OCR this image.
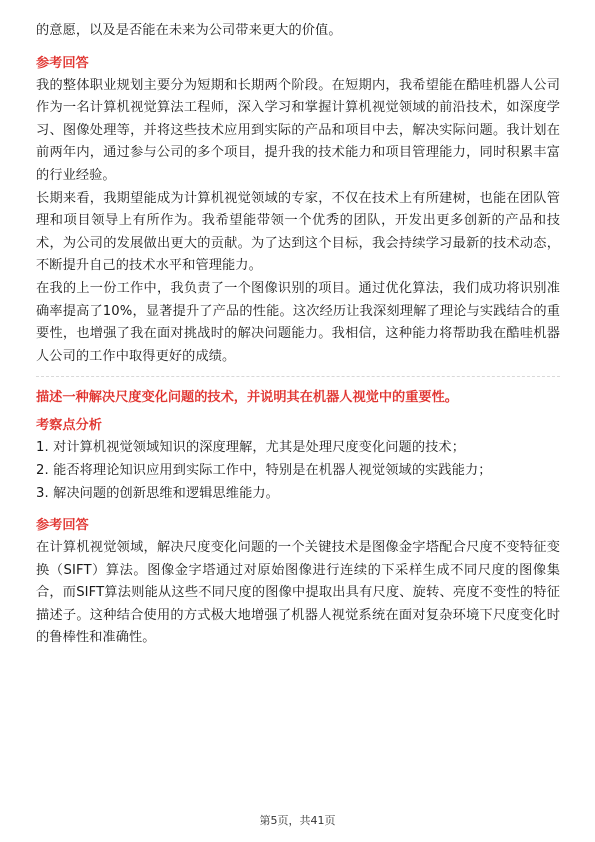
的意愿，以及是否能在未来为公司带来更大的价值。

参考回答

我的整体职业规划主要分为短期和长期两个阶段。在短期内，我希望能在酷哇机器人公司作为一名计算机视觉算法工程师，深入学习和掌握计算机视觉领域的前沿技术，如深度学习、图像处理等，并将这些技术应用到实际的产品和项目中去，解决实际问题。我计划在前两年内，通过参与公司的多个项目，提升我的技术能力和项目管理能力，同时积累丰富的行业经验。

长期来看，我期望能成为计算机视觉领域的专家，不仅在技术上有所建树，也能在团队管理和项目领导上有所作为。我希望能带领一个优秀的团队，开发出更多创新的产品和技术，为公司的发展做出更大的贡献。为了达到这个目标，我会持续学习最新的技术动态，不断提升自己的技术水平和管理能力。

在我的上一份工作中，我负责了一个图像识别的项目。通过优化算法，我们成功将识别准确率提高了10%，显著提升了产品的性能。这次经历让我深刻理解了理论与实践结合的重要性，也增强了我在面对挑战时的解决问题能力。我相信，这种能力将帮助我在酷哇机器人公司的工作中取得更好的成绩。

描述一种解决尺度变化问题的技术，并说明其在机器人视觉中的重要性。

考察点分析

1. 对计算机视觉领域知识的深度理解，尤其是处理尺度变化问题的技术；

2. 能否将理论知识应用到实际工作中，特别是在机器人视觉领域的实践能力；

3. 解决问题的创新思维和逻辑思维能力。

参考回答

在计算机视觉领域，解决尺度变化问题的一个关键技术是图像金字塔配合尺度不变特征变换（SIFT）算法。图像金字塔通过对原始图像进行连续的下采样生成不同尺度的图像集合，而SIFT算法则能从这些不同尺度的图像中提取出具有尺度、旋转、亮度不变性的特征描述子。这种结合使用的方式极大地增强了机器人视觉系统在面对复杂环境下尺度变化时的鲁棒性和准确性。

第5页，共41页
